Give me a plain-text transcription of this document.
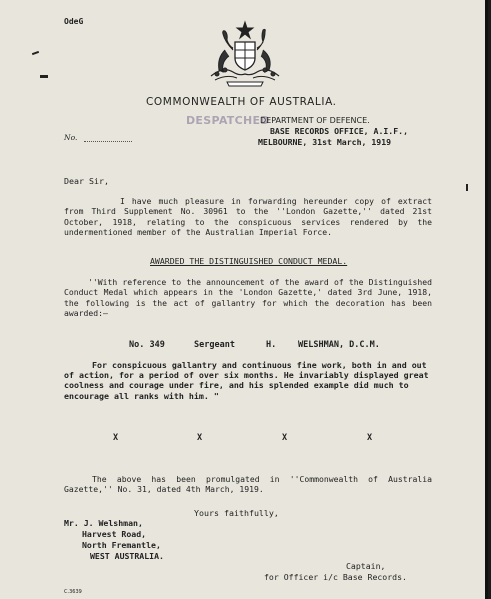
OdeG
COMMONWEALTH OF AUSTRALIA.
DESPATCHED
DEPARTMENT OF DEFENCE.
BASE RECORDS OFFICE, A.I.F.,
MELBOURNE, 31st March, 1919
No.
Dear Sir,
I have much pleasure in forwarding hereunder copy of extract from Third Supplement No. 30961 to the ''London Gazette,'' dated 21st October, 1918, relating to the conspicuous services rendered by the undermentioned member of the Australian Imperial Force.
AWARDED THE DISTINGUISHED CONDUCT MEDAL.
''With reference to the announcement of the award of the Distinguished Conduct Medal which appears in the 'London Gazette,' dated 3rd June, 1918, the following is the act of gallantry for which the decoration has been awarded:—
No. 349	Sergeant	H.	WELSHMAN, D.C.M.
For conspicuous gallantry and continuous fine work, both in and out of action, for a period of over six months. He invariably displayed great coolness and courage under fire, and his splended example did much to encourage all ranks with him. "
X	X	X	X
The above has been promulgated in ''Commonwealth of Australia Gazette,'' No. 31, dated 4th March, 1919.
Yours faithfully,
Mr. J. Welshman,
Harvest Road,
North Fremantle,
WEST AUSTRALIA.
Captain,
for Officer i/c Base Records.
C.3639
